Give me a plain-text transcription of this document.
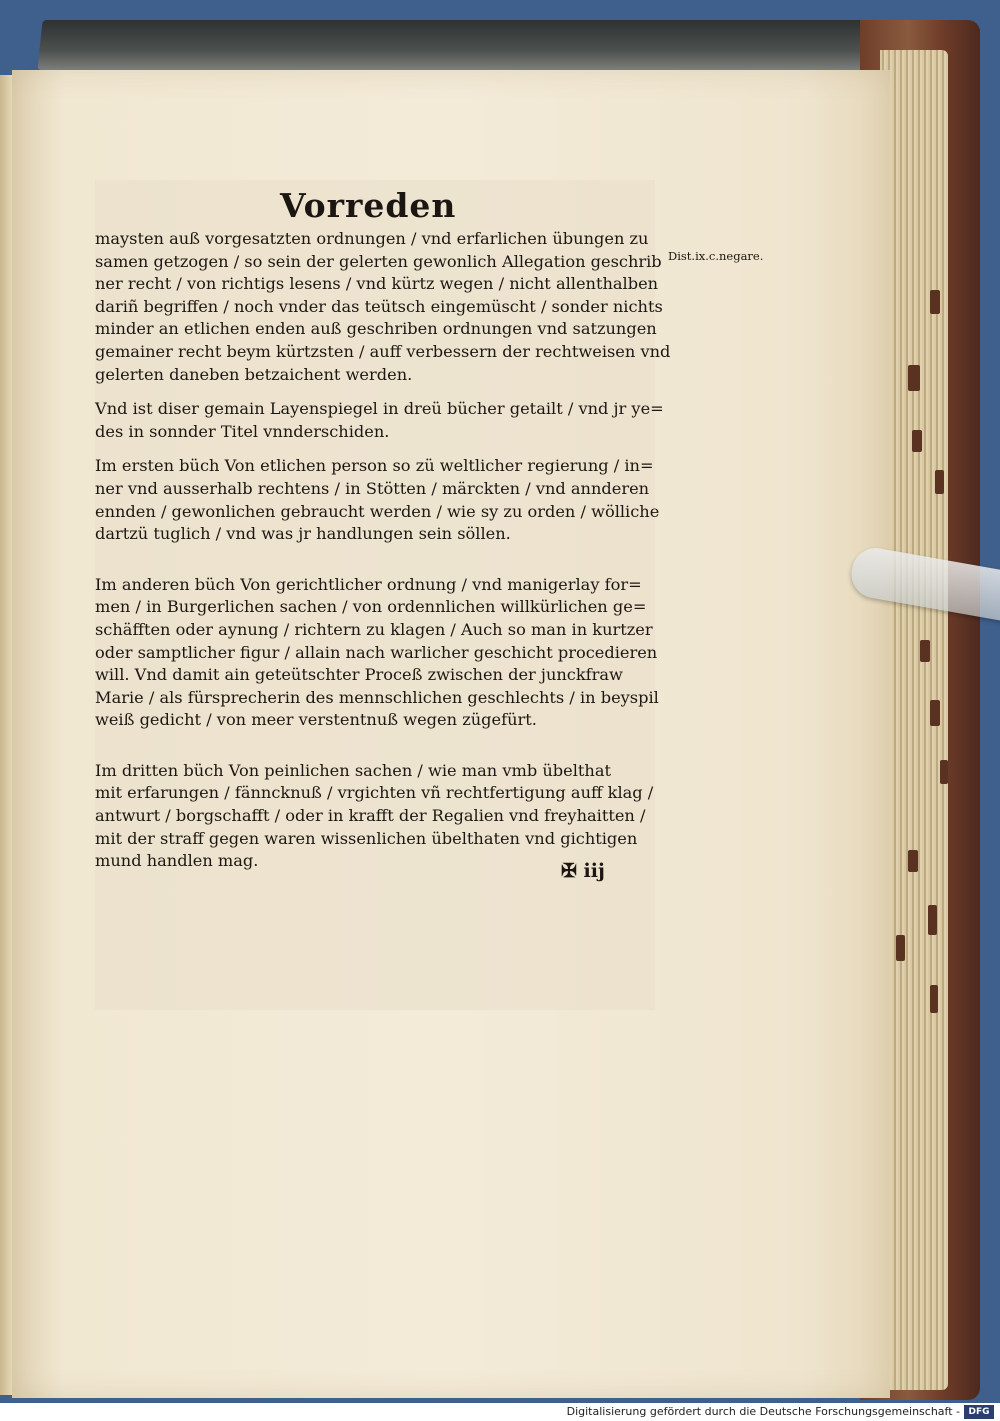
Vorreden
Dist.ix.c.negare.

maysten auß vorgesatzten ordnungen / vnd erfarlichen übungen zu
samen getzogen / so sein der gelerten gewonlich Allegation geschrib
ner recht / von richtigs lesens / vnd kürtz wegen / nicht allenthalben
dariñ begriffen / noch vnder das teütsch eingemüscht / sonder nichts
minder an etlichen enden auß geschriben ordnungen vnd satzungen
gemainer recht beym kürtzsten / auff verbessern der rechtweisen vnd
gelerten daneben betzaichent werden.

Vnd ist diser gemain Layenspiegel in dreü bücher getailt / vnd jr ye=
des in sonnder Titel vnnderschiden.

Im ersten büch Von etlichen person so zü weltlicher regierung / in=
ner vnd ausserhalb rechtens / in Stötten / märckten / vnd annderen
ennden / gewonlichen gebraucht werden / wie sy zu orden / wölliche
dartzü tuglich / vnd was jr handlungen sein söllen.

Im anderen büch Von gerichtlicher ordnung / vnd manigerlay for=
men / in Burgerlichen sachen / von ordennlichen willkürlichen ge=
schäfften oder aynung / richtern zu klagen / Auch so man in kurtzer
oder samptlicher figur / allain nach warlicher geschicht procedieren
will. Vnd damit ain geteütschter Proceß zwischen der junckfraw
Marie / als fürsprecherin des mennschlichen geschlechts / in beyspil
weiß gedicht / von meer verstentnuß wegen zügefürt.

Im dritten büch Von peinlichen sachen / wie man vmb übelthat
mit erfarungen / fänncknuß / vrgichten vñ rechtfertigung auff klag /
antwurt / borgschafft / oder in krafft der Regalien vnd freyhaitten /
mit der straff gegen waren wissenlichen übelthaten vnd gichtigen
mund handlen mag.	✠ iij
Digitalisierung gefördert durch die Deutsche Forschungsgemeinschaft - DFG
